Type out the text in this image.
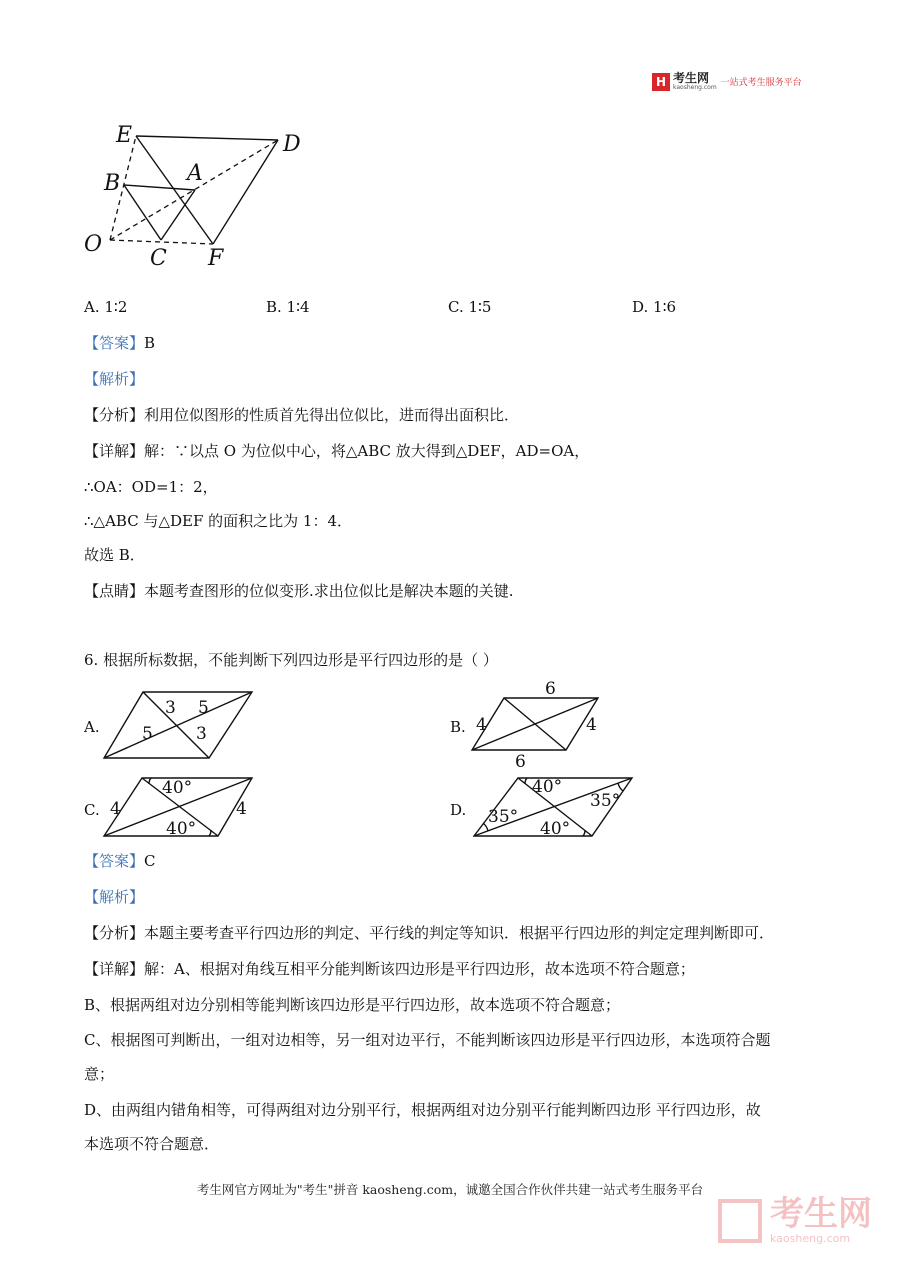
H 考生网
kaosheng.com 一站式考生服务平台
E	D
B	A
O
C F
A. 1∶2	B. 1∶4	C. 1∶5	D. 1∶6
【答案】B
【解析】
【分析】利用位似图形的性质首先得出位似比，进而得出面积比．
【详解】解：∵以点 O 为位似中心，将△ABC 放大得到△DEF，AD=OA，
∴OA：OD=1：2，
∴△ABC 与△DEF 的面积之比为 1：4．
故选 B．
【点睛】本题考查图形的位似变形.求出位似比是解决本题的关键.
6. 根据所标数据，不能判断下列四边形是平行四边形的是（ ）
A.
3 5
5	3	B.
6
4	4
6
C.
40°
4	4
40°
D.
40°
35°
35°
40°
【答案】C
【解析】
【分析】本题主要考查平行四边形的判定、平行线的判定等知识．根据平行四边形的判定定理判断即可．
【详解】解：A、根据对角线互相平分能判断该四边形是平行四边形，故本选项不符合题意；
B、根据两组对边分别相等能判断该四边形是平行四边形，故本选项不符合题意；
C、根据图可判断出，一组对边相等，另一组对边平行，不能判断该四边形是平行四边形，本选项符合题
意；
D、由两组内错角相等，可得两组对边分别平行，根据两组对边分别平行能判断四边形 平行四边形，故
本选项不符合题意．
考生网官方网址为"考生"拼音 kaosheng.com，诚邀全国合作伙伴共建一站式考生服务平台
考生网
kaosheng.com
